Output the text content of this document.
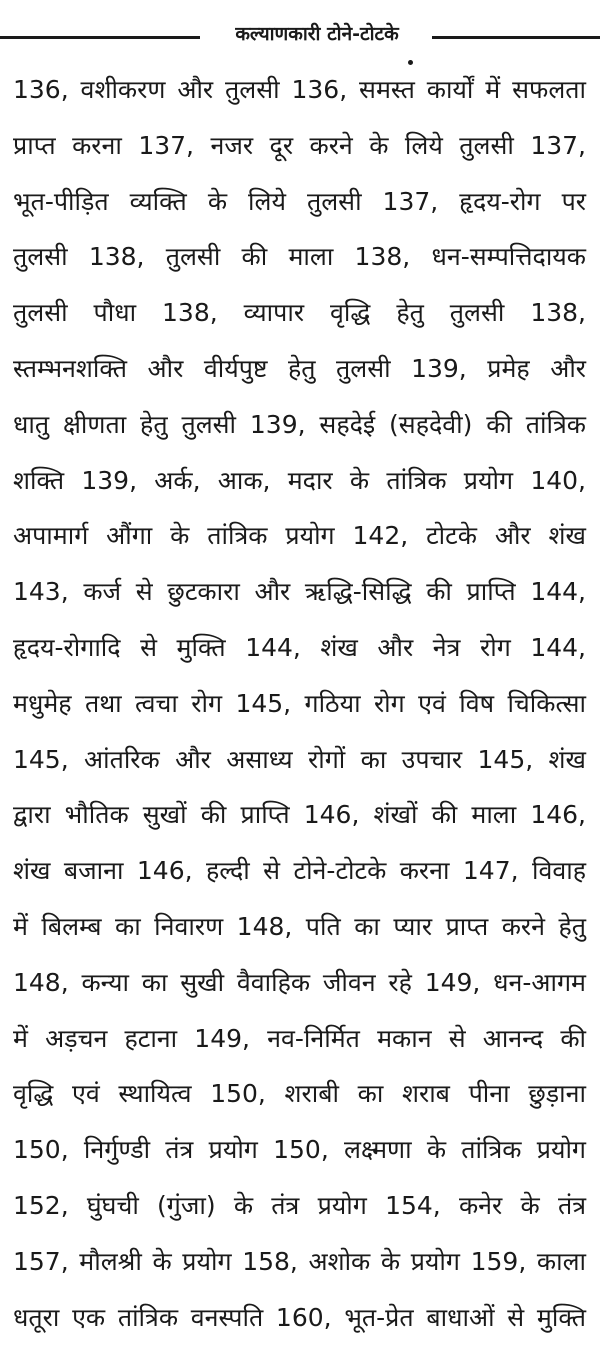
कल्याणकारी टोने-टोटके
136, वशीकरण और तुलसी 136, समस्त कार्यों में सफलता
प्राप्त करना 137, नजर दूर करने के लिये तुलसी 137,
भूत-पीड़ित व्यक्ति के लिये तुलसी 137, हृदय-रोग पर
तुलसी 138, तुलसी की माला 138, धन-सम्पत्तिदायक
तुलसी पौधा 138, व्यापार वृद्धि हेतु तुलसी 138,
स्तम्भनशक्ति और वीर्यपुष्ट हेतु तुलसी 139, प्रमेह और
धातु क्षीणता हेतु तुलसी 139, सहदेई (सहदेवी) की तांत्रिक
शक्ति 139, अर्क, आक, मदार के तांत्रिक प्रयोग 140,
अपामार्ग औंगा के तांत्रिक प्रयोग 142, टोटके और शंख
143, कर्ज से छुटकारा और ऋद्धि-सिद्धि की प्राप्ति 144,
हृदय-रोगादि से मुक्ति 144, शंख और नेत्र रोग 144,
मधुमेह तथा त्वचा रोग 145, गठिया रोग एवं विष चिकित्सा
145, आंतरिक और असाध्य रोगों का उपचार 145, शंख
द्वारा भौतिक सुखों की प्राप्ति 146, शंखों की माला 146,
शंख बजाना 146, हल्दी से टोने-टोटके करना 147, विवाह
में बिलम्ब का निवारण 148, पति का प्यार प्राप्त करने हेतु
148, कन्या का सुखी वैवाहिक जीवन रहे 149, धन-आगम
में अड़चन हटाना 149, नव-निर्मित मकान से आनन्द की
वृद्धि एवं स्थायित्व 150, शराबी का शराब पीना छुड़ाना
150, निर्गुण्डी तंत्र प्रयोग 150, लक्ष्मणा के तांत्रिक प्रयोग
152, घुंघची (गुंजा) के तंत्र प्रयोग 154, कनेर के तंत्र
157, मौलश्री के प्रयोग 158, अशोक के प्रयोग 159, काला
धतूरा एक तांत्रिक वनस्पति 160, भूत-प्रेत बाधाओं से मुक्ति
